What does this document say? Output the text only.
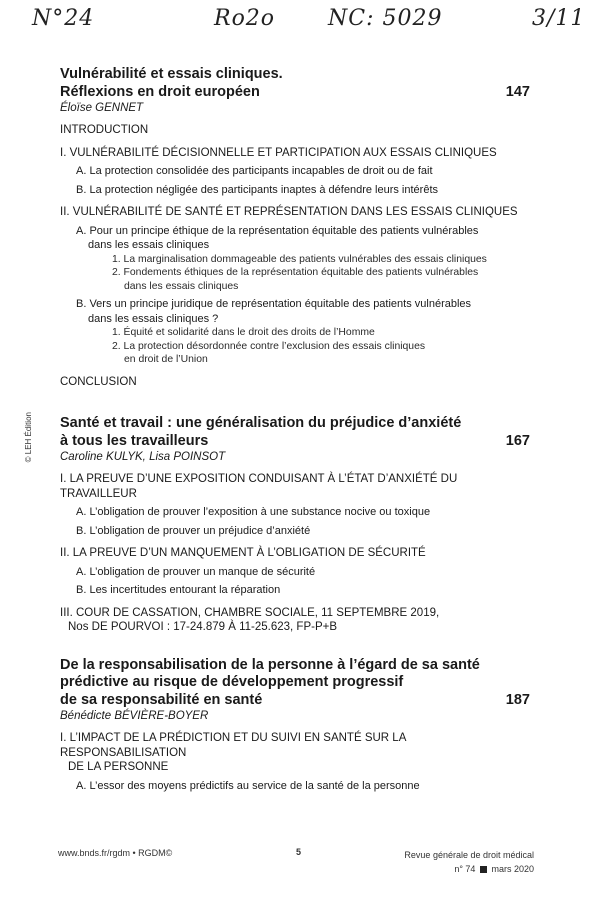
N°24	Ro2o NC: 5029	3/11
© LEH Édition
Vulnérabilité et essais cliniques.
Réflexions en droit européen	147
Éloïse GENNET
INTRODUCTION
I. VULNÉRABILITÉ DÉCISIONNELLE ET PARTICIPATION AUX ESSAIS CLINIQUES
A. La protection consolidée des participants incapables de droit ou de fait
B. La protection négligée des participants inaptes à défendre leurs intérêts
II. VULNÉRABILITÉ DE SANTÉ ET REPRÉSENTATION DANS LES ESSAIS CLINIQUES
A. Pour un principe éthique de la représentation équitable des patients vulnérables
dans les essais cliniques
1. La marginalisation dommageable des patients vulnérables des essais cliniques
2. Fondements éthiques de la représentation équitable des patients vulnérables
dans les essais cliniques
B. Vers un principe juridique de représentation équitable des patients vulnérables
dans les essais cliniques ?
1. Équité et solidarité dans le droit des droits de l’Homme
2. La protection désordonnée contre l’exclusion des essais cliniques
en droit de l’Union
CONCLUSION
Santé et travail : une généralisation du préjudice d’anxiété
à tous les travailleurs	167
Caroline KULYK, Lisa POINSOT
I. LA PREUVE D’UNE EXPOSITION CONDUISANT À L’ÉTAT D’ANXIÉTÉ DU TRAVAILLEUR
A. L’obligation de prouver l’exposition à une substance nocive ou toxique
B. L’obligation de prouver un préjudice d’anxiété
II. LA PREUVE D’UN MANQUEMENT À L’OBLIGATION DE SÉCURITÉ
A. L’obligation de prouver un manque de sécurité
B. Les incertitudes entourant la réparation
III. COUR DE CASSATION, CHAMBRE SOCIALE, 11 SEPTEMBRE 2019,
Nos DE POURVOI : 17-24.879 À 11-25.623, FP-P+B
De la responsabilisation de la personne à l’égard de sa santé
prédictive au risque de développement progressif
de sa responsabilité en santé	187
Bénédicte BÉVIÈRE-BOYER
I. L’IMPACT DE LA PRÉDICTION ET DU SUIVI EN SANTÉ SUR LA RESPONSABILISATION
DE LA PERSONNE
A. L’essor des moyens prédictifs au service de la santé de la personne
www.bnds.fr/rgdm • RGDM©	5	Revue générale de droit médical
n° 74 mars 2020
